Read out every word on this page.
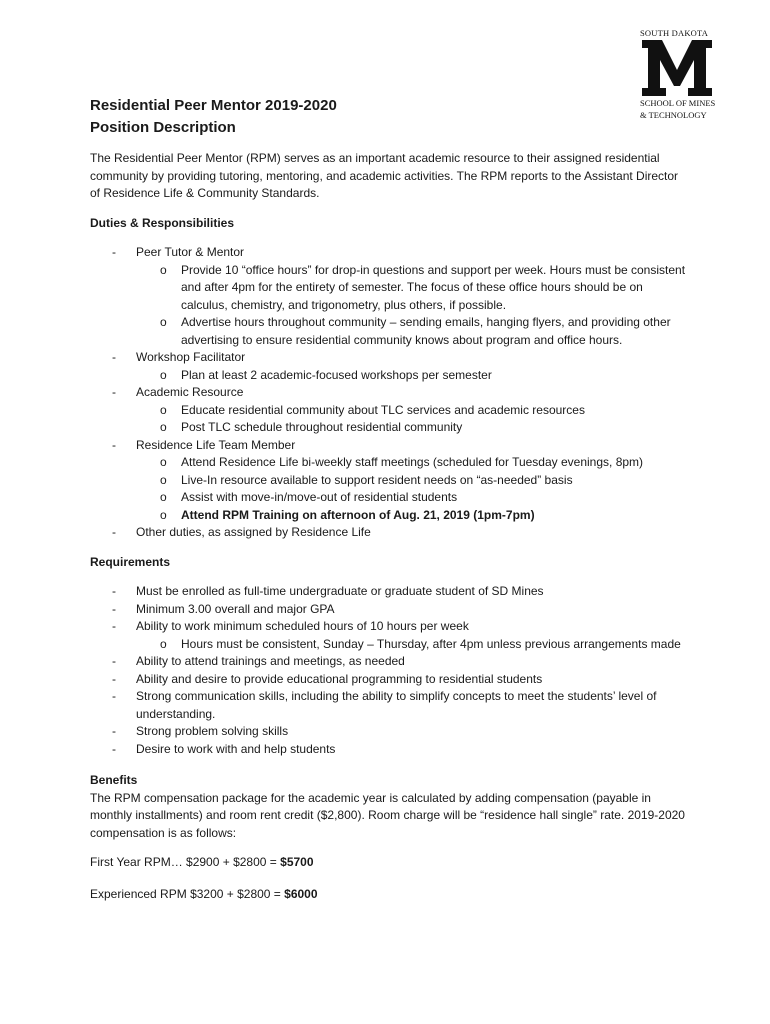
SOUTH DAKOTA
SCHOOL OF MINES
& TECHNOLOGY
Residential Peer Mentor 2019-2020
Position Description

The Residential Peer Mentor (RPM) serves as an important academic resource to their assigned residential community by providing tutoring, mentoring, and academic activities. The RPM reports to the Assistant Director of Residence Life & Community Standards.

Duties & Responsibilities
- Peer Tutor & Mentor
o Provide 10 “office hours” for drop-in questions and support per week. Hours must be consistent and after 4pm for the entirety of semester. The focus of these office hours should be on calculus, chemistry, and trigonometry, plus others, if possible.
o Advertise hours throughout community – sending emails, hanging flyers, and providing other advertising to ensure residential community knows about program and office hours.
- Workshop Facilitator
o Plan at least 2 academic-focused workshops per semester
- Academic Resource
o Educate residential community about TLC services and academic resources
o Post TLC schedule throughout residential community
- Residence Life Team Member
o Attend Residence Life bi-weekly staff meetings (scheduled for Tuesday evenings, 8pm)
o Live-In resource available to support resident needs on “as-needed” basis
o Assist with move-in/move-out of residential students
o Attend RPM Training on afternoon of Aug. 21, 2019 (1pm-7pm)
- Other duties, as assigned by Residence Life
Requirements
- Must be enrolled as full-time undergraduate or graduate student of SD Mines
- Minimum 3.00 overall and major GPA
- Ability to work minimum scheduled hours of 10 hours per week
o Hours must be consistent, Sunday – Thursday, after 4pm unless previous arrangements made
- Ability to attend trainings and meetings, as needed
- Ability and desire to provide educational programming to residential students
- Strong communication skills, including the ability to simplify concepts to meet the students’ level of understanding.
- Strong problem solving skills
- Desire to work with and help students
Benefits
The RPM compensation package for the academic year is calculated by adding compensation (payable in monthly installments) and room rent credit ($2,800). Room charge will be “residence hall single” rate. 2019-2020 compensation is as follows:
First Year RPM… $2900 + $2800 = $5700
Experienced RPM $3200 + $2800 = $6000
